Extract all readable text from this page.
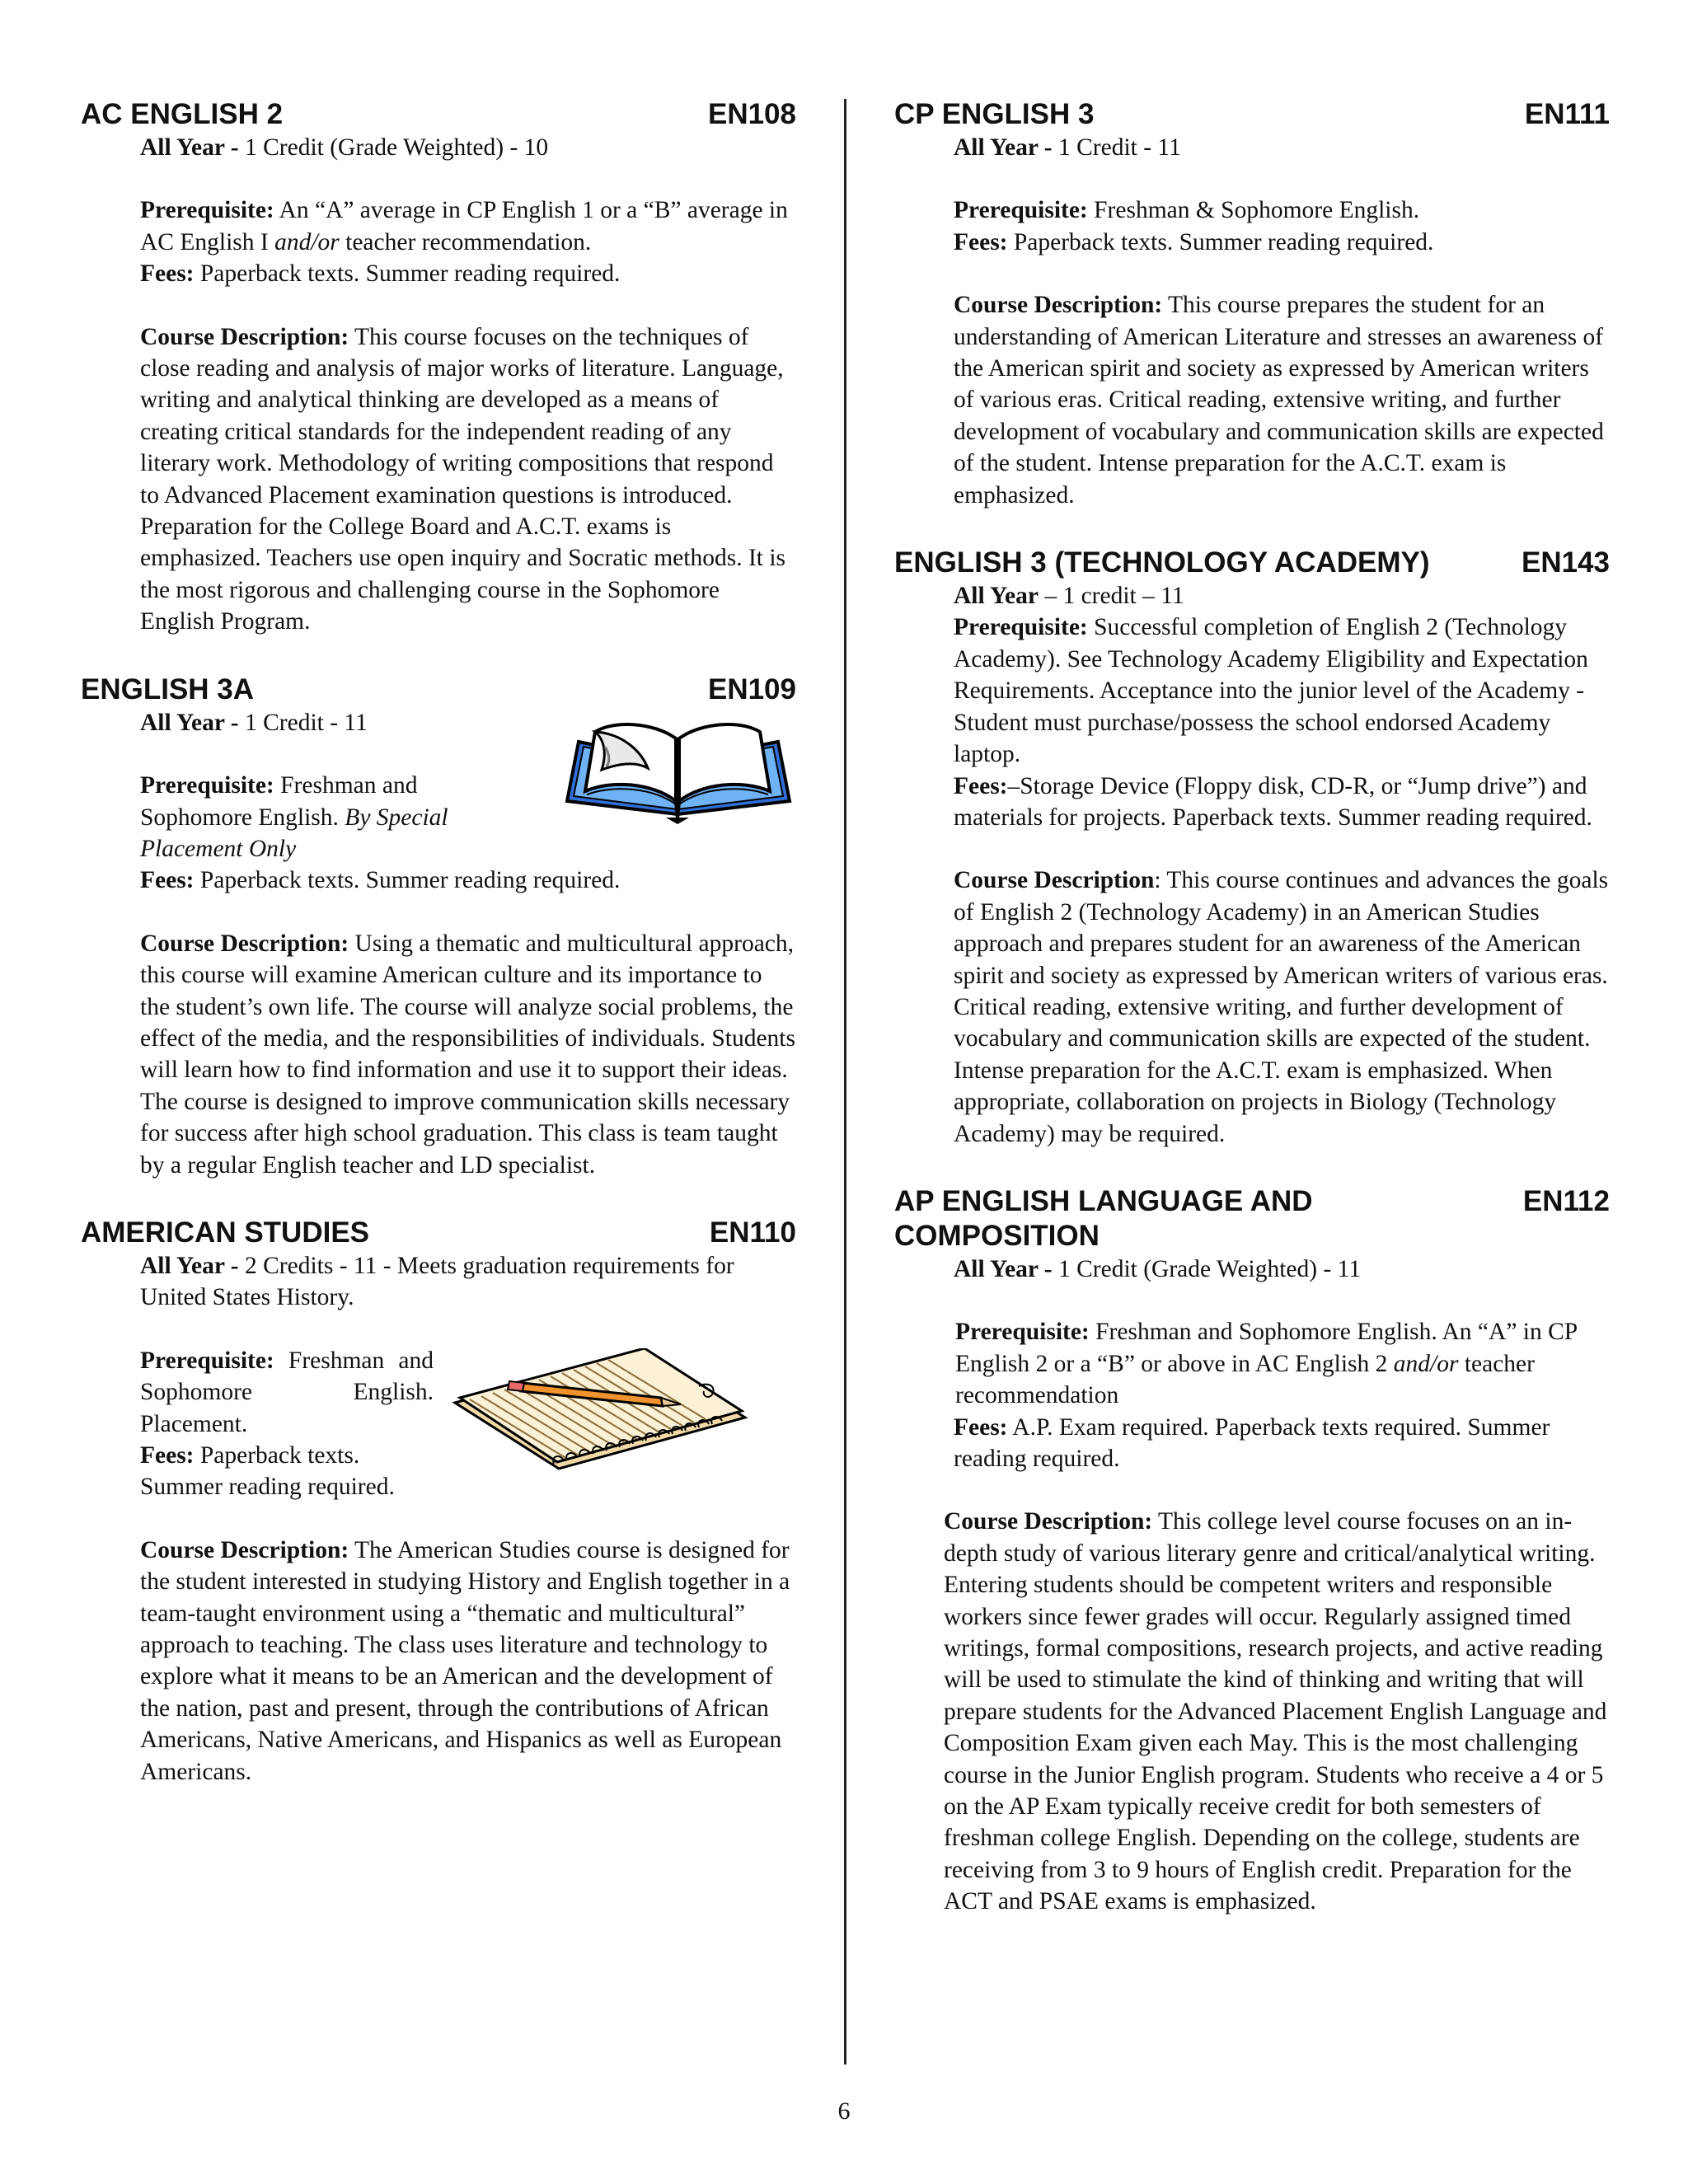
AC ENGLISH 2	EN108

All Year - 1 Credit (Grade Weighted) - 10

Prerequisite: An “A” average in CP English 1 or a “B” average in AC English I and/or teacher recommendation.

Fees: Paperback texts. Summer reading required.

Course Description: This course focuses on the techniques of close reading and analysis of major works of literature. Language, writing and analytical thinking are developed as a means of creating critical standards for the independent reading of any literary work. Methodology of writing compositions that respond to Advanced Placement examination questions is introduced. Preparation for the College Board and A.C.T. exams is emphasized. Teachers use open inquiry and Socratic methods. It is the most rigorous and challenging course in the Sophomore English Program.

ENGLISH 3A	EN109

All Year - 1 Credit - 11

Prerequisite: Freshman and Sophomore English. By Special Placement Only

Fees: Paperback texts. Summer reading required.

Course Description: Using a thematic and multicultural approach, this course will examine American culture and its importance to the student’s own life. The course will analyze social problems, the effect of the media, and the responsibilities of individuals. Students will learn how to find information and use it to support their ideas. The course is designed to improve communication skills necessary for success after high school graduation. This class is team taught by a regular English teacher and LD specialist.

AMERICAN STUDIES	EN110

All Year - 2 Credits - 11 - Meets graduation requirements for United States History.

Prerequisite: Freshman and Sophomore English. Placement.

Fees: Paperback texts. Summer reading required.

Course Description: The American Studies course is designed for the student interested in studying History and English together in a team-taught environment using a “thematic and multicultural” approach to teaching. The class uses literature and technology to explore what it means to be an American and the development of the nation, past and present, through the contributions of African Americans, Native Americans, and Hispanics as well as European Americans.

CP ENGLISH 3	EN111

All Year - 1 Credit - 11

Prerequisite: Freshman & Sophomore English.

Fees: Paperback texts. Summer reading required.

Course Description: This course prepares the student for an understanding of American Literature and stresses an awareness of the American spirit and society as expressed by American writers of various eras. Critical reading, extensive writing, and further development of vocabulary and communication skills are expected of the student. Intense preparation for the A.C.T. exam is emphasized.

ENGLISH 3 (TECHNOLOGY ACADEMY)	EN143

All Year – 1 credit – 11

Prerequisite: Successful completion of English 2 (Technology Academy). See Technology Academy Eligibility and Expectation Requirements. Acceptance into the junior level of the Academy - Student must purchase/possess the school endorsed Academy laptop.

Fees:–Storage Device (Floppy disk, CD-R, or “Jump drive”) and materials for projects. Paperback texts. Summer reading required.

Course Description: This course continues and advances the goals of English 2 (Technology Academy) in an American Studies approach and prepares student for an awareness of the American spirit and society as expressed by American writers of various eras. Critical reading, extensive writing, and further development of vocabulary and communication skills are expected of the student. Intense preparation for the A.C.T. exam is emphasized. When appropriate, collaboration on projects in Biology (Technology Academy) may be required.

AP ENGLISH LANGUAGE AND COMPOSITION
EN112

All Year - 1 Credit (Grade Weighted) - 11

Prerequisite: Freshman and Sophomore English. An “A” in CP English 2 or a “B” or above in AC English 2 and/or teacher recommendation

Fees: A.P. Exam required. Paperback texts required. Summer reading required.

Course Description: This college level course focuses on an in-depth study of various literary genre and critical/analytical writing. Entering students should be competent writers and responsible workers since fewer grades will occur. Regularly assigned timed writings, formal compositions, research projects, and active reading will be used to stimulate the kind of thinking and writing that will prepare students for the Advanced Placement English Language and Composition Exam given each May. This is the most challenging course in the Junior English program. Students who receive a 4 or 5 on the AP Exam typically receive credit for both semesters of freshman college English. Depending on the college, students are receiving from 3 to 9 hours of English credit. Preparation for the ACT and PSAE exams is emphasized.

6
